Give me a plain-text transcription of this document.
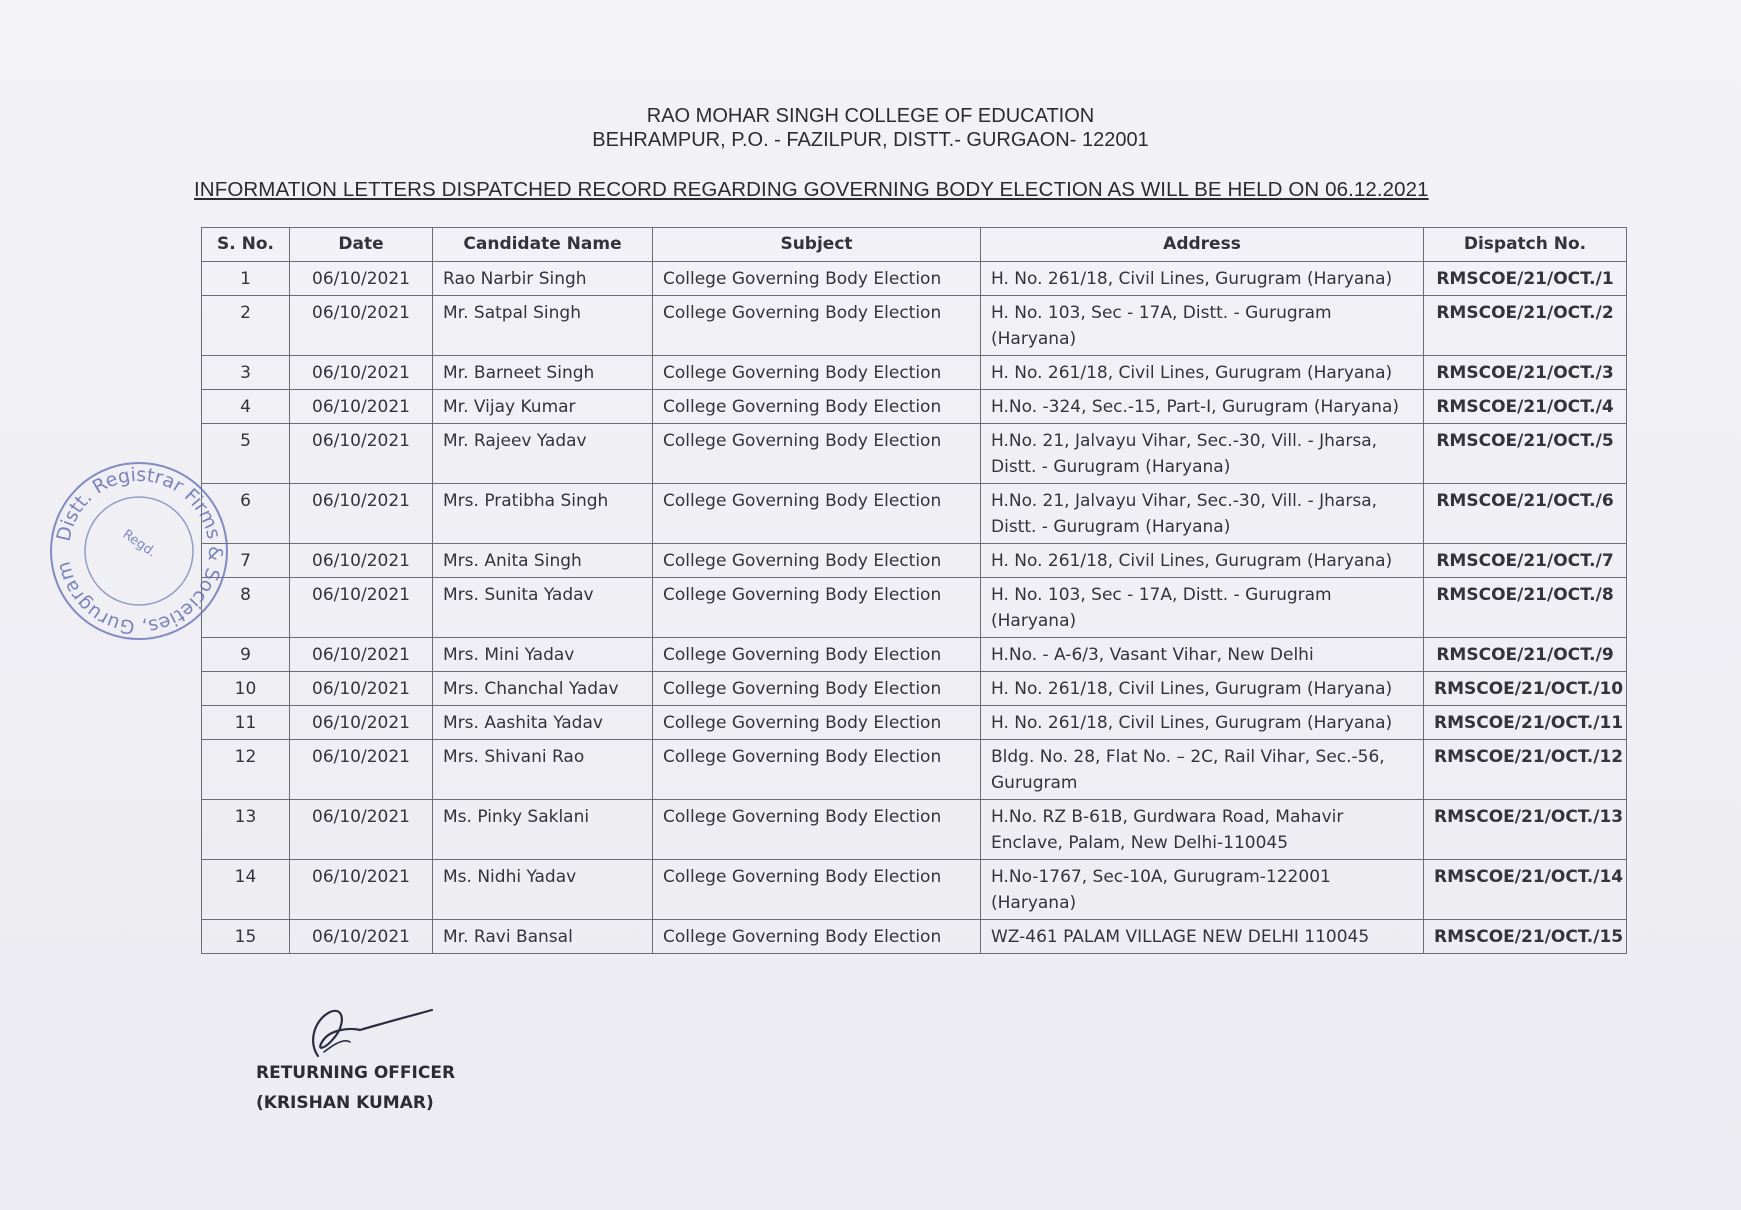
RAO MOHAR SINGH COLLEGE OF EDUCATION
BEHRAMPUR, P.O. - FAZILPUR, DISTT.- GURGAON- 122001
INFORMATION LETTERS DISPATCHED RECORD REGARDING GOVERNING BODY ELECTION AS WILL BE HELD ON 06.12.2021
S. No.	Date	Candidate Name	Subject	Address	Dispatch No.
1	06/10/2021	Rao Narbir Singh	College Governing Body Election	H. No. 261/18, Civil Lines, Gurugram (Haryana)	RMSCOE/21/OCT./1
2	06/10/2021	Mr. Satpal Singh	College Governing Body Election	H. No. 103, Sec - 17A, Distt. - Gurugram
(Haryana)	RMSCOE/21/OCT./2
3	06/10/2021	Mr. Barneet Singh	College Governing Body Election	H. No. 261/18, Civil Lines, Gurugram (Haryana)	RMSCOE/21/OCT./3
4	06/10/2021	Mr. Vijay Kumar	College Governing Body Election	H.No. -324, Sec.-15, Part-I, Gurugram (Haryana)	RMSCOE/21/OCT./4
5	06/10/2021	Mr. Rajeev Yadav	College Governing Body Election	H.No. 21, Jalvayu Vihar, Sec.-30, Vill. - Jharsa,
Distt. - Gurugram (Haryana)	RMSCOE/21/OCT./5
6	06/10/2021	Mrs. Pratibha Singh	College Governing Body Election	H.No. 21, Jalvayu Vihar, Sec.-30, Vill. - Jharsa,
Distt. - Gurugram (Haryana)	RMSCOE/21/OCT./6
7	06/10/2021	Mrs. Anita Singh	College Governing Body Election	H. No. 261/18, Civil Lines, Gurugram (Haryana)	RMSCOE/21/OCT./7
8	06/10/2021	Mrs. Sunita Yadav	College Governing Body Election	H. No. 103, Sec - 17A, Distt. - Gurugram
(Haryana)	RMSCOE/21/OCT./8
9	06/10/2021	Mrs. Mini Yadav	College Governing Body Election	H.No. - A-6/3, Vasant Vihar, New Delhi	RMSCOE/21/OCT./9
10	06/10/2021	Mrs. Chanchal Yadav	College Governing Body Election	H. No. 261/18, Civil Lines, Gurugram (Haryana)	RMSCOE/21/OCT./10
11	06/10/2021	Mrs. Aashita Yadav	College Governing Body Election	H. No. 261/18, Civil Lines, Gurugram (Haryana)	RMSCOE/21/OCT./11
12	06/10/2021	Mrs. Shivani Rao	College Governing Body Election	Bldg. No. 28, Flat No. – 2C, Rail Vihar, Sec.-56,
Gurugram	RMSCOE/21/OCT./12
13	06/10/2021	Ms. Pinky Saklani	College Governing Body Election	H.No. RZ B-61B, Gurdwara Road, Mahavir
Enclave, Palam, New Delhi-110045	RMSCOE/21/OCT./13
14	06/10/2021	Ms. Nidhi Yadav	College Governing Body Election	H.No-1767, Sec-10A, Gurugram-122001
(Haryana)	RMSCOE/21/OCT./14
15	06/10/2021	Mr. Ravi Bansal	College Governing Body Election	WZ-461 PALAM VILLAGE NEW DELHI 110045	RMSCOE/21/OCT./15
Distt. Registrar Firms & Societies, Gurugram
Regd.
RETURNING OFFICER
(KRISHAN KUMAR)
